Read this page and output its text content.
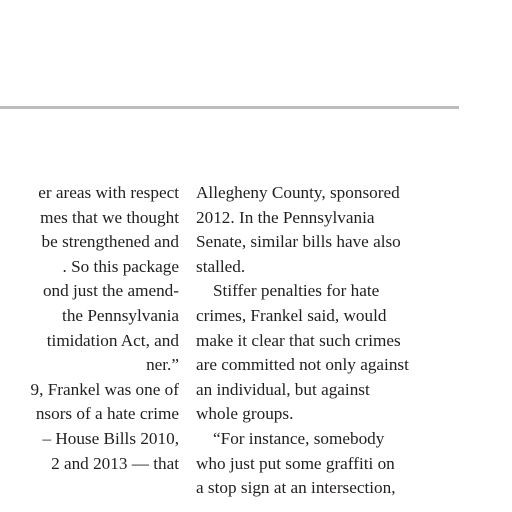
er areas with respect
mes that we thought
be strengthened and
. So this package
ond just the amend-
the Pennsylvania
timidation Act, and
ner.”
9, Frankel was one of
nsors of a hate crime
– House Bills 2010,
2 and 2013 — that
Allegheny County, sponsored
2012. In the Pennsylvania
Senate, similar bills have also
stalled.
Stiffer penalties for hate
crimes, Frankel said, would
make it clear that such crimes
are committed not only against
an individual, but against
whole groups.
“For instance, somebody
who just put some graffiti on
a stop sign at an intersection,
